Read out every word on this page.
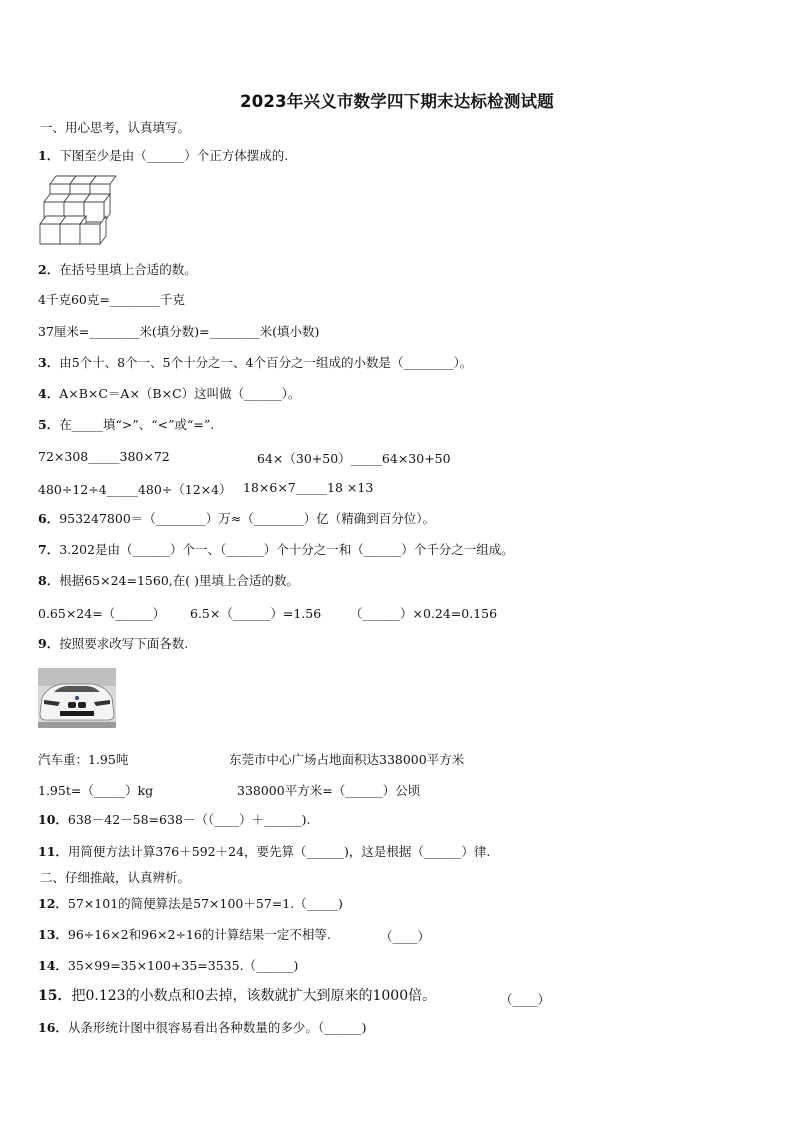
2023年兴义市数学四下期末达标检测试题
一、用心思考，认真填写。
1．下图至少是由（______）个正方体摆成的.
2．在括号里填上合适的数。
4千克60克=________千克
37厘米=________米(填分数)=________米(填小数)
3．由5个十、8个一、5个十分之一、4个百分之一组成的小数是（________）。
4．A×B×C＝A×（B×C）这叫做（______）。
5．在_____填“>”、“<”或“=”.
72×308_____380×72	64×（30+50）_____64×30+50
480÷12÷4_____480÷（12×4） 18×6×7_____18 ×13
6．953247800＝（________）万≈（________）亿（精确到百分位）。
7．3.202是由（______）个一、（______）个十分之一和（______）个千分之一组成。
8．根据65×24=1560,在( )里填上合适的数。
0.65×24=（______） 6.5×（______）=1.56 （______）×0.24=0.156
9．按照要求改写下面各数.
汽车重：1.95吨	东莞市中心广场占地面积达338000平方米
1.95t=（_____）kg	338000平方米=（______）公顷
10．638－42－58=638－（（____）＋______).
11．用简便方法计算376＋592＋24，要先算（______)，这是根据（______）律.
二、仔细推敲，认真辨析。
12．57×101的简便算法是57×100＋57=1.（_____)
13．96÷16×2和96×2÷16的计算结果一定不相等.	（____）
14．35×99=35×100+35=3535.（______)
15．把0.123的小数点和0去掉，该数就扩大到原来的1000倍。	（____）
16．从条形统计图中很容易看出各种数量的多少。（______)
